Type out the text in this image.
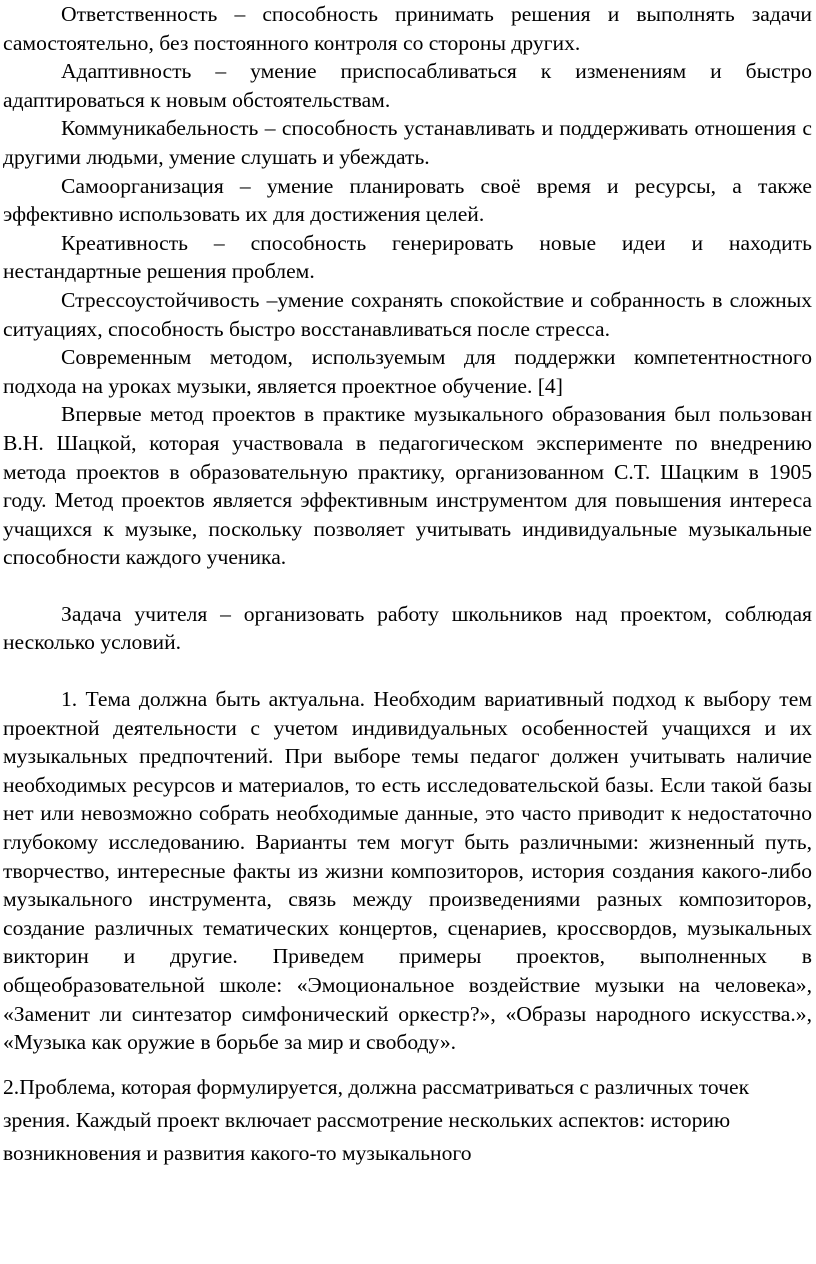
Ответственность – способность принимать решения и выполнять задачи самостоятельно, без постоянного контроля со стороны других.

Адаптивность – умение приспосабливаться к изменениям и быстро адаптироваться к новым обстоятельствам.

Коммуникабельность – способность устанавливать и поддерживать отношения с другими людьми, умение слушать и убеждать.

Самоорганизация – умение планировать своё время и ресурсы, а также эффективно использовать их для достижения целей.

Креативность – способность генерировать новые идеи и находить нестандартные решения проблем.

Стрессоустойчивость –умение сохранять спокойствие и собранность в сложных ситуациях, способность быстро восстанавливаться после стресса.

Современным методом, используемым для поддержки компетентностного подхода на уроках музыки, является проектное обучение. [4]

Впервые метод проектов в практике музыкального образования был пользован В.Н. Шацкой, которая участвовала в педагогическом эксперименте по внедрению метода проектов в образовательную практику, организованном С.Т. Шацким в 1905 году. Метод проектов является эффективным инструментом для повышения интереса учащихся к музыке, поскольку позволяет учитывать индивидуальные музыкальные способности каждого ученика.

Задача учителя – организовать работу школьников над проектом, соблюдая несколько условий.

1. Тема должна быть актуальна. Необходим вариативный подход к выбору тем проектной деятельности с учетом индивидуальных особенностей учащихся и их музыкальных предпочтений. При выборе темы педагог должен учитывать наличие необходимых ресурсов и материалов, то есть исследовательской базы. Если такой базы нет или невозможно собрать необходимые данные, это часто приводит к недостаточно глубокому исследованию. Варианты тем могут быть различными: жизненный путь, творчество, интересные факты из жизни композиторов, история создания какого-либо музыкального инструмента, связь между произведениями разных композиторов, создание различных тематических концертов, сценариев, кроссвордов, музыкальных викторин и другие. Приведем примеры проектов, выполненных в общеобразовательной школе: «Эмоциональное воздействие музыки на человека», «Заменит ли синтезатор симфонический оркестр?», «Образы народного искусства.», «Музыка как оружие в борьбе за мир и свободу».

2.Проблема, которая формулируется, должна рассматриваться с различных точек зрения. Каждый проект включает рассмотрение нескольких аспектов: историю возникновения и развития какого-то музыкального
